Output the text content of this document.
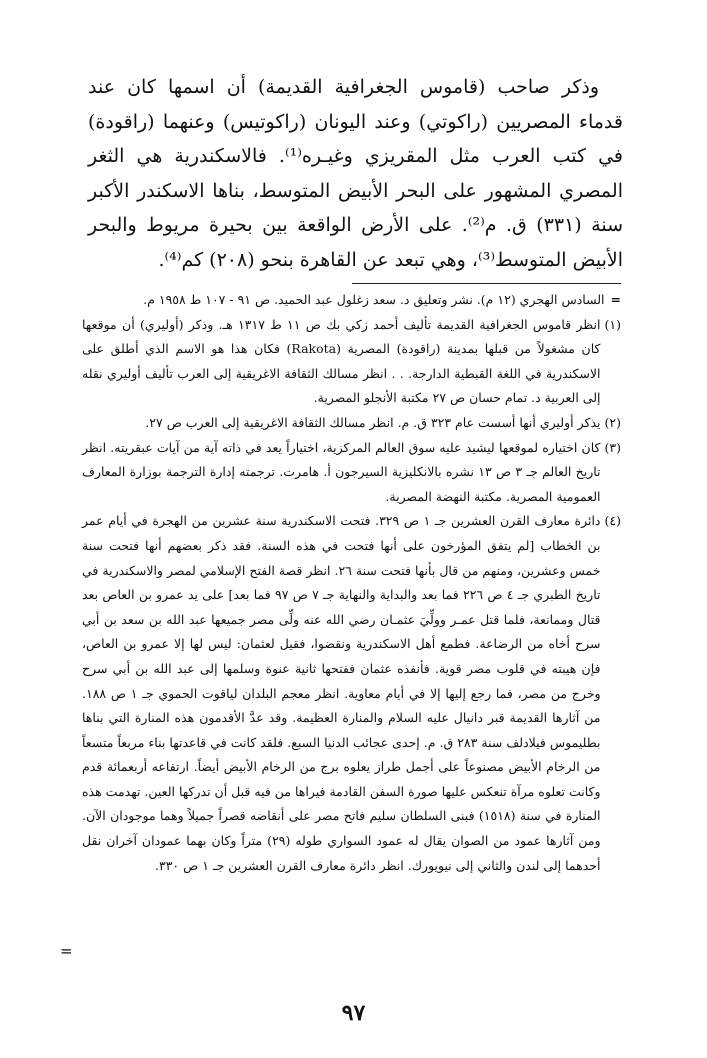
وذكر صاحب (قاموس الجغرافية القديمة) أن اسمها كان عند قدماء المصريين (راكوتي) وعند اليونان (راكوتيس) وعنهما (راقودة) في كتب العرب مثل المقريزي وغيـره⁽¹⁾. فالاسكندرية هي الثغر المصري المشهور على البحر الأبيض المتوسط، بناها الاسكندر الأكبر سنة (٣٣١) ق. م⁽²⁾. على الأرض الواقعة بين بحيرة مريوط والبحر الأبيض المتوسط⁽³⁾، وهي تبعد عن القاهرة بنحو (٢٠٨) كم⁽⁴⁾.

=

السادس الهجري (١٢ م). نشر وتعليق د. سعد زغلول عبد الحميد. ص ٩١ - ١٠٧ ط ١٩٥٨ م.

(١)

انظر قاموس الجغرافية القديمة تأليف أحمد زكي بك ص ١١ ط ١٣١٧ هـ. وذكر (أوليري) أن موقعها كان مشغولاً من قبلها بمدينة (راقودة) المصرية (Rakota) فكان هذا هو الاسم الذي أطلق على الاسكندرية في اللغة القبطية الدارجة. . . انظر مسالك الثقافة الاغريقية إلى العرب تأليف أوليري نقله إلى العربية د. تمام حسان ص ٢٧ مكتبة الأنجلو المصرية.

(٢)

يذكر أوليري أنها أسست عام ٣٢٣ ق. م. انظر مسالك الثقافة الاغريقية إلى العرب ص ٢٧.

(٣)

كان اختياره لموقعها ليشيد عليه سوق العالم المركزية، اختياراً يعد في ذاته آية من آيات عبقريته. انظر تاريخ العالم جـ ٣ ص ١٣ نشره بالانكليزية السيرجون أ. هامرت. ترجمته إدارة الترجمة بوزارة المعارف العمومية المصرية. مكتبة النهضة المصرية.

(٤)

دائرة معارف القرن العشرين جـ ١ ص ٣٢٩. فتحت الاسكندرية سنة عشرين من الهجرة في أيام عمر بن الخطاب [لم يتفق المؤرخون على أنها فتحت في هذه السنة. فقد ذكر بعضهم أنها فتحت سنة خمس وعشرين، ومنهم من قال بأنها فتحت سنة ٢٦. انظر قصة الفتح الإسلامي لمصر والاسكندرية في تاريخ الطبري جـ ٤ ص ٢٢٦ فما بعد والبداية والنهاية جـ ٧ ص ٩٧ فما بعد] على يد عمرو بن العاص بعد قتال وممانعة، فلما قتل عمـر وولِّيَ عثمـان رضي الله عنه ولِّى مصر جميعها عبد الله بن سعد بن أبي سرح أخاه من الرضاعة. فطمع أهل الاسكندرية ونقضوا، فقيل لعثمان: ليس لها إلا عمرو بن العاص، فإن هيبته في قلوب مصر قوية. فأنفذه عثمان ففتحها ثانية عنوة وسلمها إلى عبد الله بن أبي سرح وخرج من مصر، فما رجع إليها إلا في أيام معاوية. انظر معجم البلدان لياقوت الحموي جـ ١ ص ١٨٨. من آثارها القديمة قبر دانيال عليه السلام والمنارة العظيمة. وقد عدَّ الأقدمون هذه المنارة التي بناها بطليموس فيلادلف سنة ٢٨٣ ق. م. إحدى عجائب الدنيا السبع. فلقد كانت في قاعدتها بناء مربعاً متسعاً من الرخام الأبيض مصنوعاً على أجمل طراز يعلوه برج من الرخام الأبيض أيضاً. ارتفاعه أربعمائة قدم وكانت تعلوه مرآة تنعكس عليها صورة السفن القادمة فيراها من فيه قبل أن تدركها العين. تهدمت هذه المنارة في سنة (١٥١٨) فبنى السلطان سليم فاتح مصر على أنقاضه قصراً جميلاً وهما موجودان الآن. ومن آثارها عمود من الصوان يقال له عمود السواري طوله (٢٩) متراً وكان بهما عمودان آخران نقل أحدهما إلى لندن والثاني إلى نيويورك. انظر دائرة معارف القرن العشرين جـ ١ ص ٣٣٠.

=
٩٧
